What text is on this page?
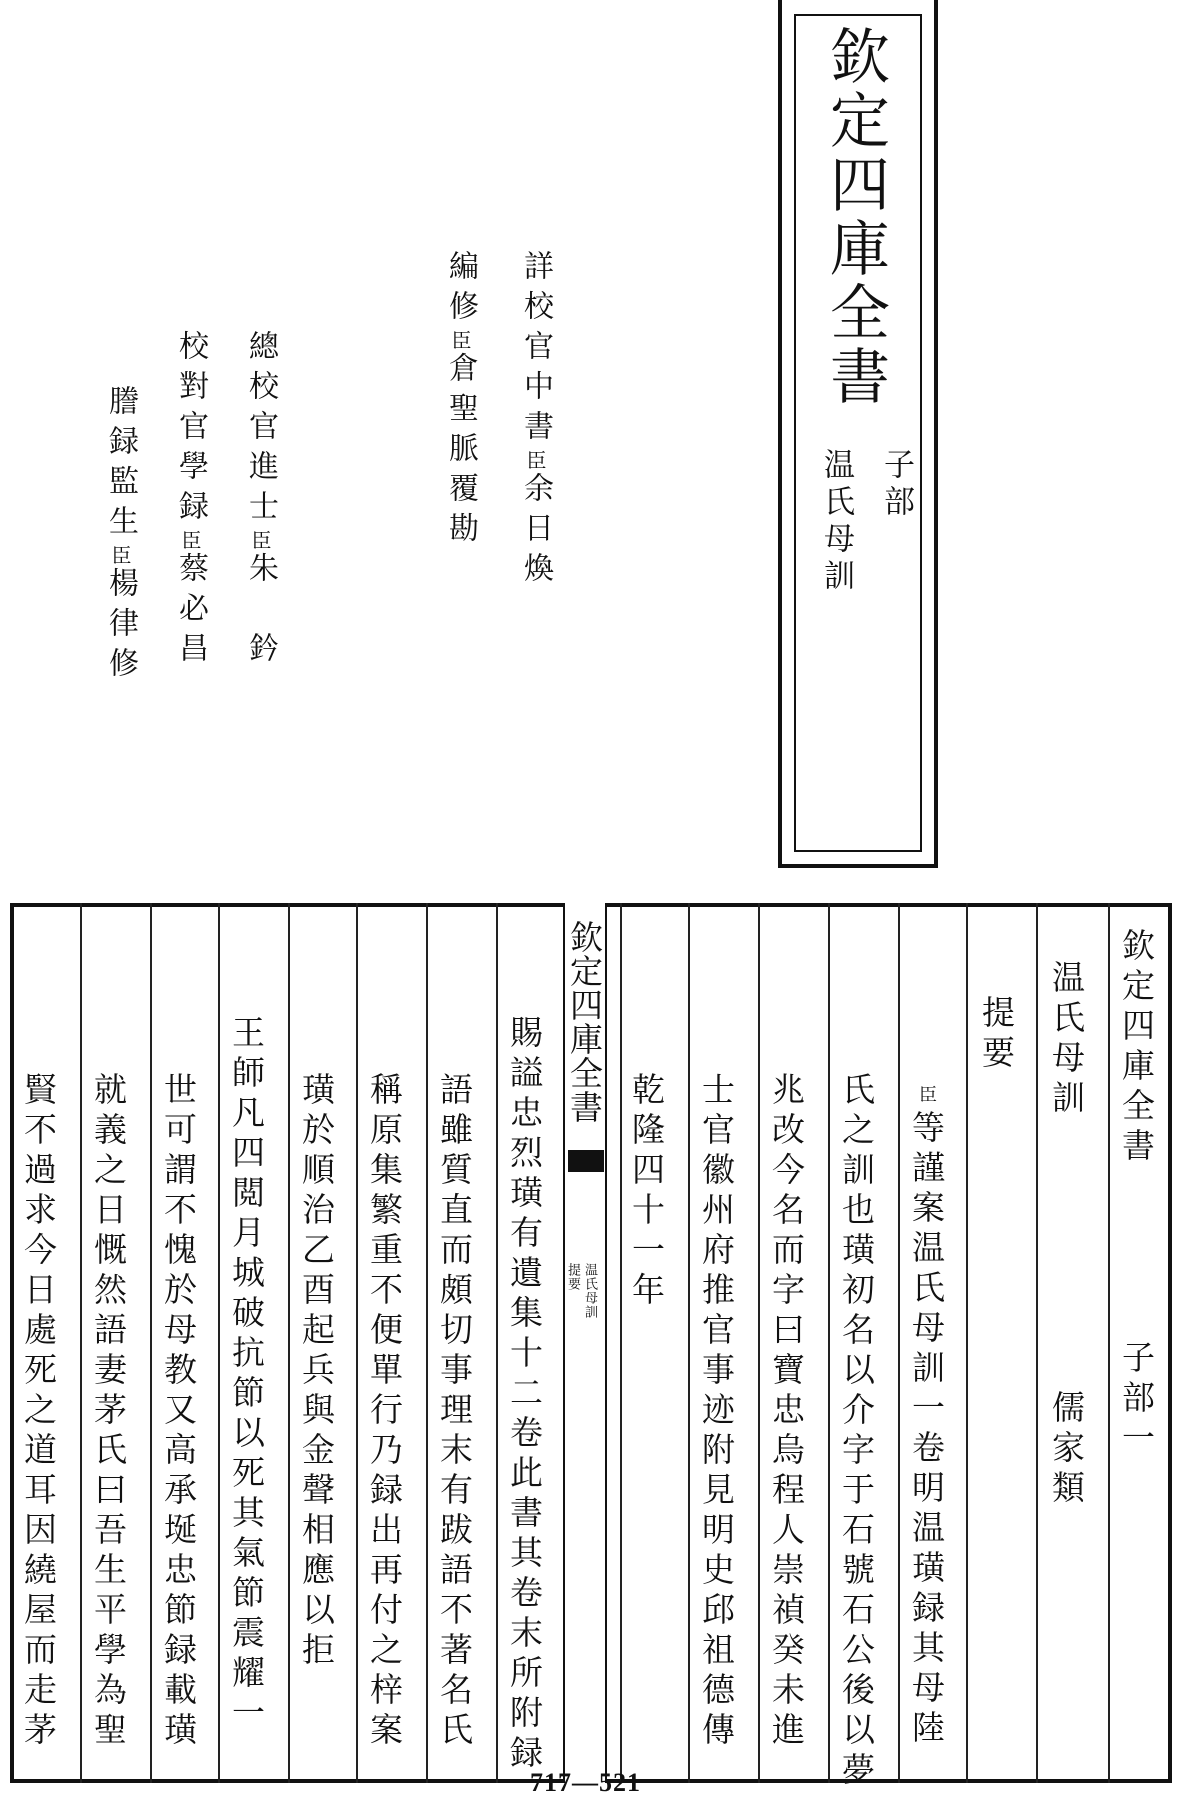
欽定四庫全書
子部
温氏母訓
詳校官中書臣余日煥
編修臣倉聖脈覆勘
總校官進士臣朱　鈐
校對官學録臣蔡必昌
謄録監生臣楊律修
欽定四庫全書
温氏母訓
提要
欽定四庫全書
子部一
温氏母訓
儒家類
提要
臣等謹案温氏母訓一卷明温璜録其母陸
氏之訓也璜初名以介字于石號石公後以夢
兆改今名而字曰寶忠烏程人崇禎癸未進
士官徽州府推官事迹附見明史邱祖德傳
乾隆四十一年
賜謚忠烈璜有遺集十二卷此書其卷末所附録
語雖質直而頗切事理末有跋語不著名氏
稱原集繁重不便單行乃録出再付之梓案
璜於順治乙酉起兵與金聲相應以拒
王師凡四閲月城破抗節以死其氣節震耀一
世可謂不愧於母教又高承埏忠節録載璜
就義之日慨然語妻茅氏曰吾生平學為聖
賢不過求今日處死之道耳因繞屋而走茅
717—521
